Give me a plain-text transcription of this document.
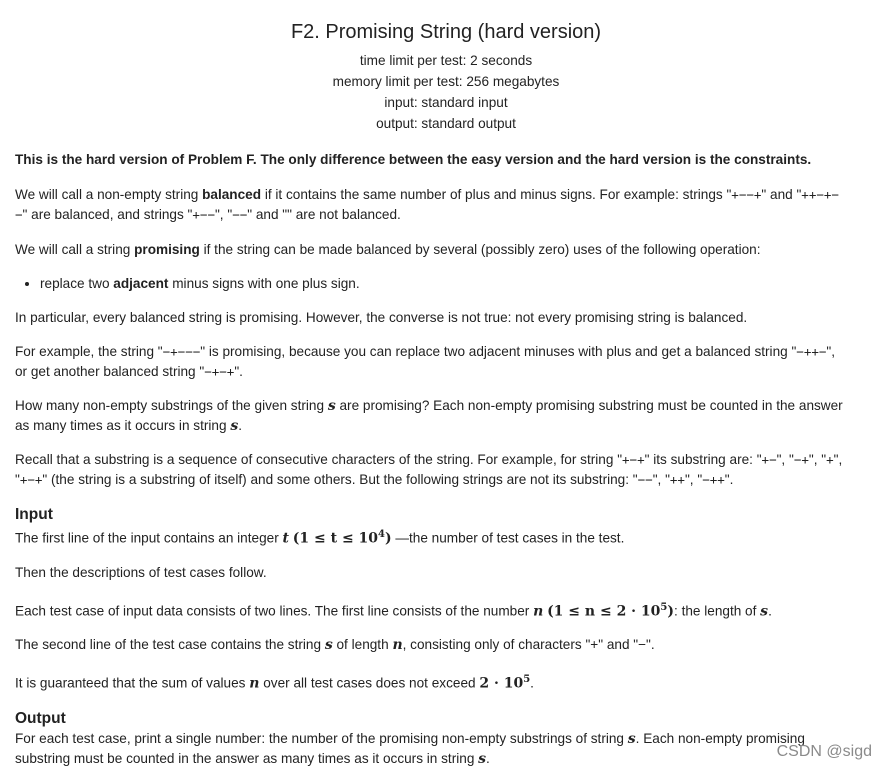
F2. Promising String (hard version)
time limit per test: 2 seconds
memory limit per test: 256 megabytes
input: standard input
output: standard output

This is the hard version of Problem F. The only difference between the easy version and the hard version is the constraints.

We will call a non-empty string balanced if it contains the same number of plus and minus signs. For example: strings "+−−+" and "++−+−
−" are balanced, and strings "+−−", "−−" and "" are not balanced.

We will call a string promising if the string can be made balanced by several (possibly zero) uses of the following operation:

• replace two adjacent minus signs with one plus sign.

In particular, every balanced string is promising. However, the converse is not true: not every promising string is balanced.

For example, the string "−+−−−" is promising, because you can replace two adjacent minuses with plus and get a balanced string "−++−",
or get another balanced string "−+−+".

How many non-empty substrings of the given string s are promising? Each non-empty promising substring must be counted in the answer
as many times as it occurs in string s.

Recall that a substring is a sequence of consecutive characters of the string. For example, for string "+−+" its substring are: "+−", "−+", "+",
"+−+" (the string is a substring of itself) and some others. But the following strings are not its substring: "−−", "++", "−++".

Input

The first line of the input contains an integer t $(1 \le t \le 10^4)$ —the number of test cases in the test.

Then the descriptions of test cases follow.

Each test case of input data consists of two lines. The first line consists of the number n $(1 \le n \le 2 \cdot 10^5)$: the length of s.

The second line of the test case contains the string s of length n, consisting only of characters "+" and "−".

It is guaranteed that the sum of values n over all test cases does not exceed $2 \cdot 10^5$.

Output

For each test case, print a single number: the number of the promising non-empty substrings of string s. Each non-empty promising
substring must be counted in the answer as many times as it occurs in string s.	CSDN @sigd
